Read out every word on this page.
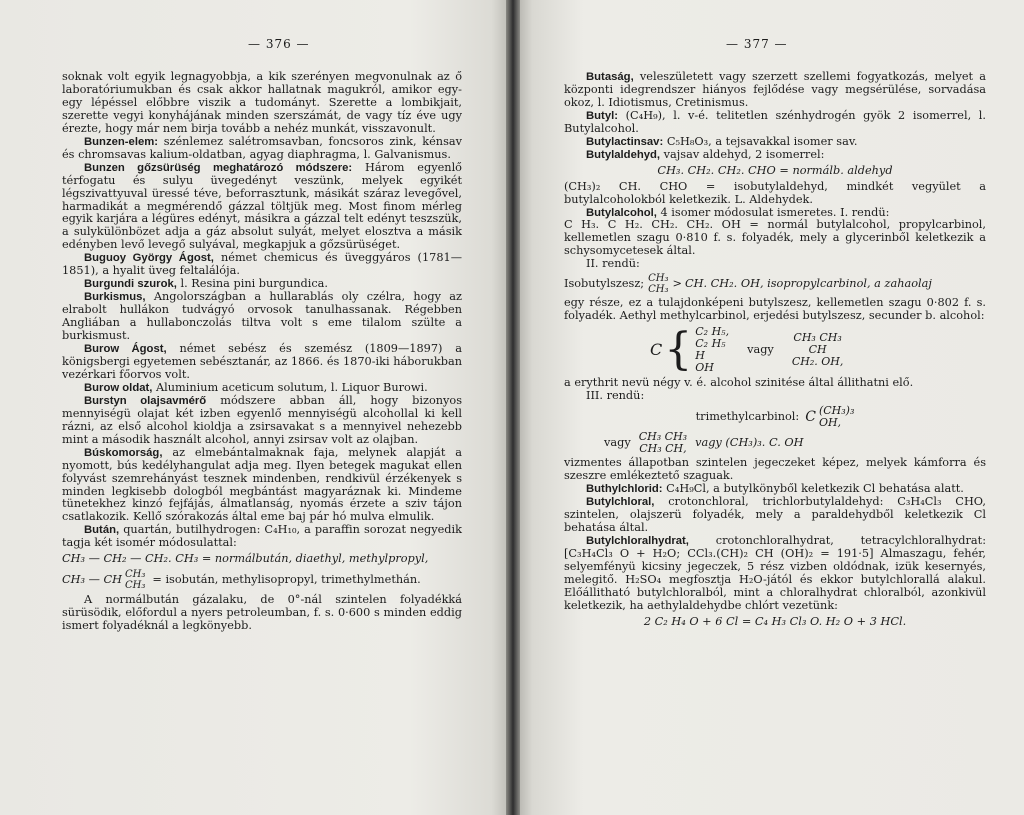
— 376 —

soknak volt egyik legnagyobbja, a kik szerényen megvonulnak az ő laboratóriumukban és csak akkor hallatnak magukról, amikor egy-egy lépéssel előbbre viszik a tudományt. Szerette a lombikjait, szerette vegyi konyhájának minden szerszámát, de vagy tíz éve ugy érezte, hogy már nem birja tovább a nehéz munkát, visszavonult.

Bunzen-elem: szénlemez salétromsavban, foncsoros zink, kénsav és chromsavas kalium-oldatban, agyag diaphragma, l. Galvanismus.

Bunzen gőzsürüség meghatározó módszere: Három egyenlő térfogatu és sulyu üvegedényt veszünk, melyek egyikét légszivattyuval üressé téve, beforrasztunk, másikát száraz levegővel, harmadikát a megmérendő gázzal töltjük meg. Most finom mérleg egyik karjára a légüres edényt, másikra a gázzal telt edényt teszszük, a sulykülönbözet adja a gáz absolut sulyát, melyet elosztva a másik edényben levő levegő sulyával, megkapjuk a gőzsürüséget.

Buguoy György Ágost, német chemicus és üveggyáros (1781—1851), a hyalit üveg feltalálója.

Burgundi szurok, l. Resina pini burgundica.

Burkismus, Angolországban a hullarablás oly czélra, hogy az elrabolt hullákon tudvágyó orvosok tanulhassanak. Régebben Angliában a hullabonczolás tiltva volt s eme tilalom szülte a burkismust.

Burow Ágost, német sebész és szemész (1809—1897) a königsbergi egyetemen sebésztanár, az 1866. és 1870-iki háborukban vezérkari főorvos volt.

Burow oldat, Aluminium aceticum solutum, l. Liquor Burowi.

Burstyn olajsavmérő módszere abban áll, hogy bizonyos mennyiségü olajat két izben egyenlő mennyiségü alcohollal ki kell rázni, az első alcohol kioldja a zsirsavakat s a mennyivel nehezebb mint a második használt alcohol, annyi zsirsav volt az olajban.

Búskomorság, az elmebántalmaknak faja, melynek alapját a nyomott, bús kedélyhangulat adja meg. Ilyen betegek magukat ellen folyvást szemrehányást tesznek mindenben, rendkivül érzékenyek s minden legkisebb dologból megbántást magyaráznak ki. Mindeme tünetekhez kinzó fejfájás, álmatlanság, nyomás érzete a sziv tájon csatlakozik. Kellő szórakozás által eme baj pár hó mulva elmulik.

Bután, quartán, butilhydrogen: C₄H₁₀, a paraffin sorozat negyedik tagja két isomér módosulattal:

CH₃ — CH₂ — CH₂. CH₃ = normálbután, diaethyl, methylpropyl,

CH₃ — CH CH₃
CH₃ = isobután, methylisopropyl, trimethylmethán.

A normálbután gázalaku, de 0°-nál szintelen folyadékká sürüsödik, előfordul a nyers petroleumban, f. s. 0·600 s minden eddig ismert folyadéknál a legkönyebb.

— 377 —

Butaság, veleszületett vagy szerzett szellemi fogyatkozás, melyet a központi idegrendszer hiányos fejlődése vagy megsérülése, sorvadása okoz, l. Idiotismus, Cretinismus.

Butyl: (C₄H₉), l. v-é. telitetlen szénhydrogén gyök 2 isomerrel, l. Butylalcohol.

Butylactinsav: C₅H₈O₃, a tejsavakkal isomer sav.

Butylaldehyd, vajsav aldehyd, 2 isomerrel:

CH₃. CH₂. CH₂. CHO = normálb. aldehyd

(CH₃)₂ CH. CHO = isobutylaldehyd, mindkét vegyület a butylalcoholokból keletkezik. L. Aldehydek.

Butylalcohol, 4 isomer módosulat ismeretes. I. rendü:

C H₃. C H₂. CH₂. CH₂. OH = normál butylalcohol, propylcarbinol, kellemetlen szagu 0·810 f. s. folyadék, mely a glycerinből keletkezik a schysomycetesek által.

II. rendü:

Isobutylszesz; CH₃
CH₃ > CH. CH₂. OH, isopropylcarbinol, a zahaolaj

egy része, ez a tulajdonképeni butylszesz, kellemetlen szagu 0·802 f. s. folyadék. Aethyl methylcarbinol, erjedési butylszesz, secunder b. alcohol:

C { C₂ H₅,
C₂ H₅
H
OH
vagy
CH₃ CH₃
CH
CH₂. OH,

a erythrit nevü négy v. é. alcohol szinitése által állithatni elő.

III. rendü:

trimethylcarbinol: C (CH₃)₃
OH,
vagy CH₃ CH₃
CH₃ CH, vagy (CH₃)₃. C. OH

vizmentes állapotban szintelen jegeczeket képez, melyek kámforra és szeszre emlékeztető szaguak.

Buthylchlorid: C₄H₉Cl, a butylkönyből keletkezik Cl behatása alatt.

Butylchloral, crotonchloral, trichlorbutylaldehyd: C₃H₄Cl₃ CHO, szintelen, olajszerü folyadék, mely a paraldehydből keletkezik Cl behatása által.

Butylchloralhydrat, crotonchloralhydrat, tetracylchloralhydrat: [C₃H₄Cl₃ O + H₂O; CCl₃.(CH)₂ CH (OH)₂ = 191·5] Almaszagu, fehér, selyemfényü kicsiny jegeczek, 5 rész vizben oldódnak, izük kesernyés, melegitő. H₂SO₄ megfosztja H₂O-jától és ekkor butylchlorallá alakul. Előállitható butylchloralból, mint a chloralhydrat chloralból, azonkivül keletkezik, ha aethylaldehydbe chlórt vezetünk:

2 C₂ H₄ O + 6 Cl = C₄ H₃ Cl₃ O. H₂ O + 3 HCl.
